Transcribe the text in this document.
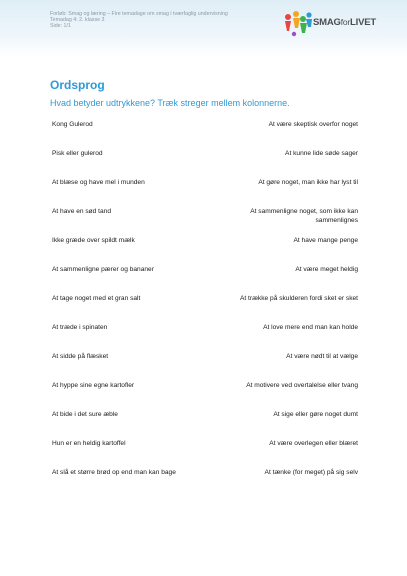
Forløb: Smag og læring – Fire temadage om smag i tværfaglig undervisning
Temadag 4: 2. klasse 3
Side: 1/1	SMAGforLIVET
Ordsprog
Hvad betyder udtrykkene? Træk streger mellem kolonnerne.
Kong Gulerod	At være skeptisk overfor noget
Pisk eller gulerod	At kunne lide søde sager
At blæse og have mel i munden	At gøre noget, man ikke har lyst til
At have en sød tand	At sammenligne noget, som ikke kan sammenlignes
Ikke græde over spildt mælk	At have mange penge
At sammenligne pærer og bananer	At være meget heldig
At tage noget med et gran salt	At trække på skulderen fordi sket er sket
At træde i spinaten	At love mere end man kan holde
At sidde på flæsket	At være nødt til at vælge
At hyppe sine egne kartofler	At motivere ved overtalelse eller tvang
At bide i det sure æble	At sige eller gøre noget dumt
Hun er en heldig kartoffel	At være overlegen eller blæret
At slå et større brød op end man kan bage	At tænke (for meget) på sig selv
